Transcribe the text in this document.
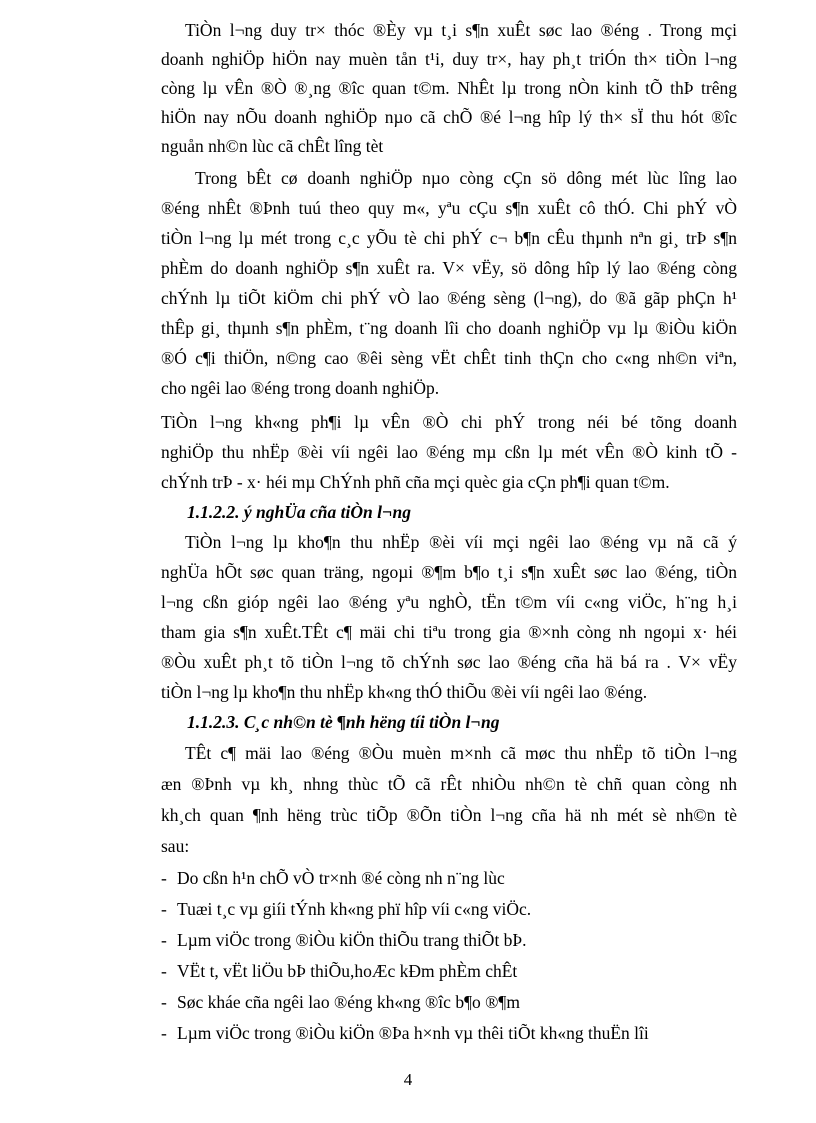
TiÒn l¬ng duy tr× thóc ®Èy vµ t¸i s¶n xuÊt søc lao ®éng . Trong mçi
doanh nghiÖp hiÖn nay muèn tån t¹i, duy tr×, hay ph¸t triÓn th× tiÒn l¬ng
còng lµ vÊn ®Ò ®¸ng ®îc quan t©m. NhÊt lµ trong nÒn kinh tÕ thÞ trêng
hiÖn nay nÕu doanh nghiÖp nµo cã chÕ ®é l¬ng hîp lý th× sÏ thu hót ®îc
nguån nh©n lùc cã chÊt lîng tèt
Trong bÊt cø doanh nghiÖp nµo còng cÇn sö dông mét lùc lîng lao
®éng nhÊt ®Þnh tuú theo quy m«, yªu cÇu s¶n xuÊt cô thÓ. Chi phÝ vÒ
tiÒn l¬ng lµ mét trong c¸c yÕu tè chi phÝ c¬ b¶n cÊu thµnh nªn gi¸ trÞ s¶n
phÈm do doanh nghiÖp s¶n xuÊt ra. V× vËy, sö dông hîp lý lao ®éng còng
chÝnh lµ tiÕt kiÖm chi phÝ vÒ lao ®éng sèng (l¬ng), do ®ã gãp phÇn h¹
thÊp gi¸ thµnh s¶n phÈm, t¨ng doanh lîi cho doanh nghiÖp vµ lµ ®iÒu kiÖn
®Ó c¶i thiÖn, n©ng cao ®êi sèng vËt chÊt tinh thÇn cho c«ng nh©n viªn,
cho ngêi lao ®éng trong doanh nghiÖp.
TiÒn l¬ng kh«ng ph¶i lµ vÊn ®Ò chi phÝ trong néi bé tõng doanh
nghiÖp thu nhËp ®èi víi ngêi lao ®éng mµ cßn lµ mét vÊn ®Ò kinh tÕ -
chÝnh trÞ - x· héi mµ ChÝnh phñ cña mçi quèc gia cÇn ph¶i quan t©m.
1.1.2.2. ý nghÜa cña tiÒn l¬ng
TiÒn l¬ng lµ kho¶n thu nhËp ®èi víi mçi ngêi lao ®éng vµ nã cã ý
nghÜa hÕt søc quan träng, ngoµi ®¶m b¶o t¸i s¶n xuÊt søc lao ®éng, tiÒn
l¬ng cßn gióp ngêi lao ®éng yªu nghÒ, tËn t©m víi c«ng viÖc, h¨ng h¸i
tham gia s¶n xuÊt.TÊt c¶ mäi chi tiªu trong gia ®×nh còng nh ngoµi x· héi
®Òu xuÊt ph¸t tõ tiÒn l¬ng tõ chÝnh søc lao ®éng cña hä bá ra . V× vËy
tiÒn l¬ng lµ kho¶n thu nhËp kh«ng thÓ thiÕu ®èi víi ngêi lao ®éng.
1.1.2.3. C¸c nh©n tè ¶nh hëng tíi tiÒn l¬ng
TÊt c¶ mäi lao ®éng ®Òu muèn m×nh cã møc thu nhËp tõ tiÒn l¬ng
æn ®Þnh vµ kh¸ nhng thùc tÕ cã rÊt nhiÒu nh©n tè chñ quan còng nh
kh¸ch quan ¶nh hëng trùc tiÕp ®Õn tiÒn l¬ng cña hä nh mét sè nh©n tè
sau:
- Do cßn h¹n chÕ vÒ tr×nh ®é còng nh n¨ng lùc
- Tuæi t¸c vµ giíi tÝnh kh«ng phï hîp víi c«ng viÖc.
- Lµm viÖc trong ®iÒu kiÖn thiÕu trang thiÕt bÞ.
- VËt t, vËt liÖu bÞ thiÕu,hoÆc kÐm phÈm chÊt
- Søc kháe cña ngêi lao ®éng kh«ng ®îc b¶o ®¶m
- Lµm viÖc trong ®iÒu kiÖn ®Þa h×nh vµ thêi tiÕt kh«ng thuËn lîi
4
